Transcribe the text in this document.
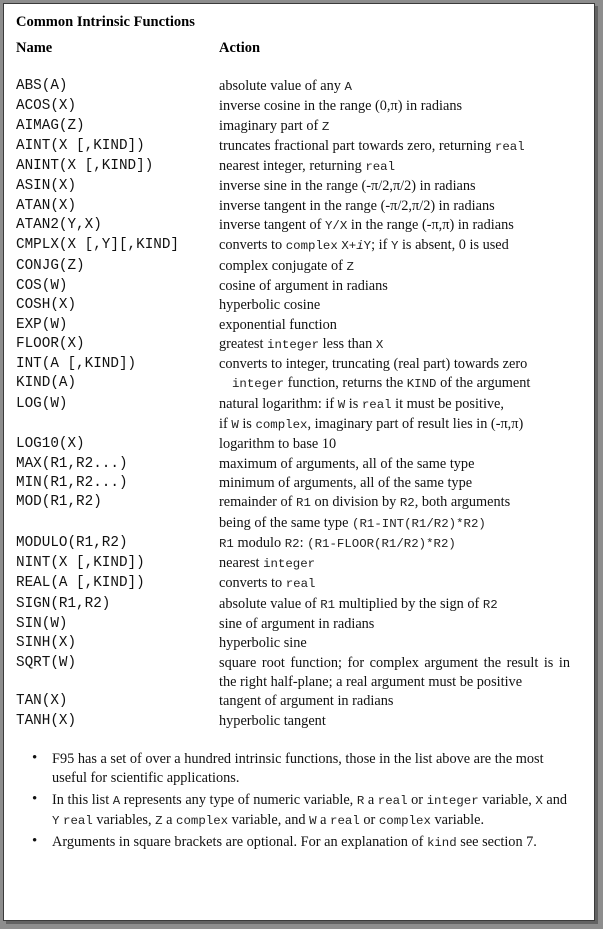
Common Intrinsic Functions
Name	Action

ABS(A)	absolute value of any A
ACOS(X)	inverse cosine in the range (0,π) in radians
AIMAG(Z)	imaginary part of Z
AINT(X [,KIND])	truncates fractional part towards zero, returning real
ANINT(X [,KIND])	nearest integer, returning real
ASIN(X)	inverse sine in the range (-π/2,π/2) in radians
ATAN(X)	inverse tangent in the range (-π/2,π/2) in radians
ATAN2(Y,X)	inverse tangent of Y/X in the range (-π,π) in radians
CMPLX(X [,Y][,KIND]	converts to complex X+iY; if Y is absent, 0 is used
CONJG(Z)	complex conjugate of Z
COS(W)	cosine of argument in radians
COSH(X)	hyperbolic cosine
EXP(W)	exponential function
FLOOR(X)	greatest integer less than X
INT(A [,KIND])	converts to integer, truncating (real part) towards zero
KIND(A)	integer function, returns the KIND of the argument
LOG(W)	natural logarithm: if W is real it must be positive,
if W is complex, imaginary part of result lies in (-π,π)
LOG10(X)	logarithm to base 10
MAX(R1,R2...)	maximum of arguments, all of the same type
MIN(R1,R2...)	minimum of arguments, all of the same type
MOD(R1,R2)	remainder of R1 on division by R2, both arguments
being of the same type (R1-INT(R1/R2)*R2)
MODULO(R1,R2)	R1 modulo R2: (R1-FLOOR(R1/R2)*R2)
NINT(X [,KIND])	nearest integer
REAL(A [,KIND])	converts to real
SIGN(R1,R2)	absolute value of R1 multiplied by the sign of R2
SIN(W)	sine of argument in radians
SINH(X)	hyperbolic sine
SQRT(W)	square root function; for complex argument the result is in the right half-plane; a real argument must be positive
TAN(X)	tangent of argument in radians
TANH(X)	hyperbolic tangent
• F95 has a set of over a hundred intrinsic functions, those in the list above are the most useful for scientific applications.
• In this list A represents any type of numeric variable, R a real or integer variable, X and Y real variables, Z a complex variable, and W a real or complex variable.
• Arguments in square brackets are optional. For an explanation of kind see section 7.
